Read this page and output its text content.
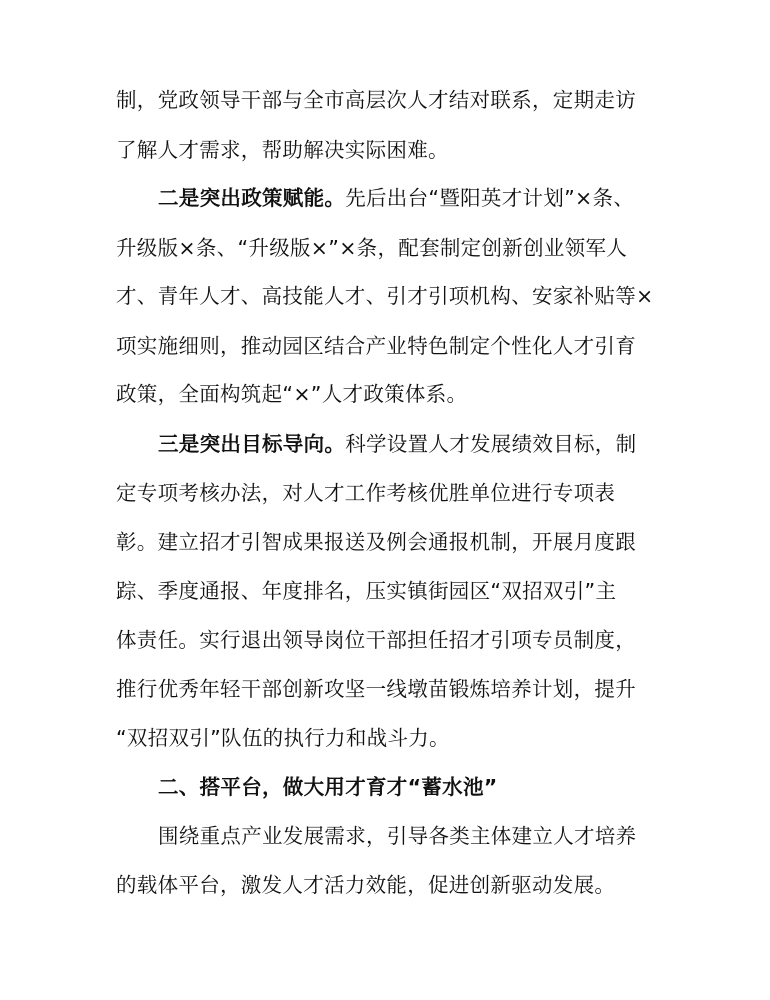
制，党政领导干部与全市高层次人才结对联系，定期走访
了解人才需求，帮助解决实际困难。
二是突出政策赋能。先后出台“暨阳英才计划”×条、
升级版×条、“升级版×”×条，配套制定创新创业领军人
才、青年人才、高技能人才、引才引项机构、安家补贴等×
项实施细则，推动园区结合产业特色制定个性化人才引育
政策，全面构筑起“×”人才政策体系。
三是突出目标导向。科学设置人才发展绩效目标，制
定专项考核办法，对人才工作考核优胜单位进行专项表
彰。建立招才引智成果报送及例会通报机制，开展月度跟
踪、季度通报、年度排名，压实镇街园区“双招双引”主
体责任。实行退出领导岗位干部担任招才引项专员制度，
推行优秀年轻干部创新攻坚一线墩苗锻炼培养计划，提升
“双招双引”队伍的执行力和战斗力。
二、搭平台，做大用才育才“蓄水池”
围绕重点产业发展需求，引导各类主体建立人才培养
的载体平台，激发人才活力效能，促进创新驱动发展。
